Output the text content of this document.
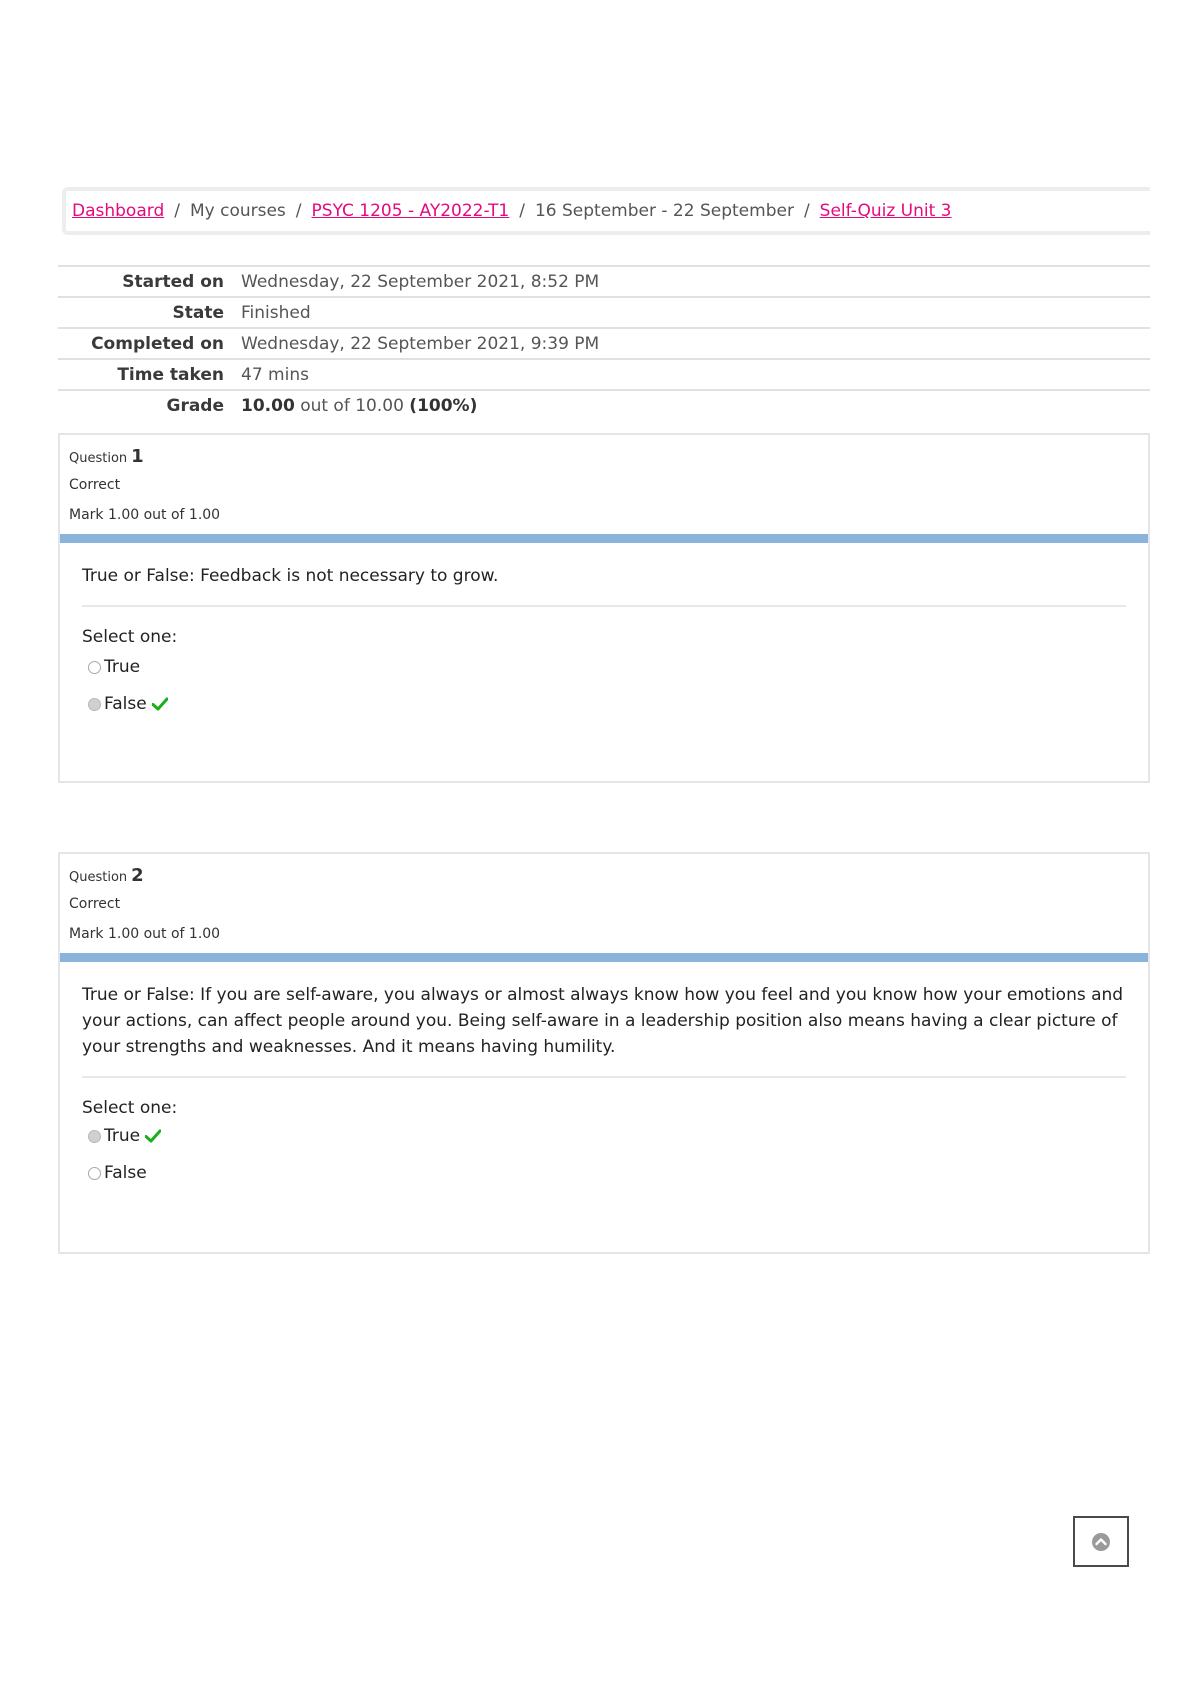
Dashboard / My courses / PSYC 1205 - AY2022-T1 / 16 September - 22 September / Self-Quiz Unit 3
Started on	Wednesday, 22 September 2021, 8:52 PM
State	Finished
Completed on	Wednesday, 22 September 2021, 9:39 PM
Time taken	47 mins
Grade	10.00 out of 10.00 (100%)
Question 1
Correct
Mark 1.00 out of 1.00
True or False: Feedback is not necessary to grow.
Select one:
True
False
Question 2
Correct
Mark 1.00 out of 1.00
True or False: If you are self-aware, you always or almost always know how you feel and you know how your emotions and your actions, can affect people around you. Being self-aware in a leadership position also means having a clear picture of your strengths and weaknesses. And it means having humility.
Select one:
True
False
